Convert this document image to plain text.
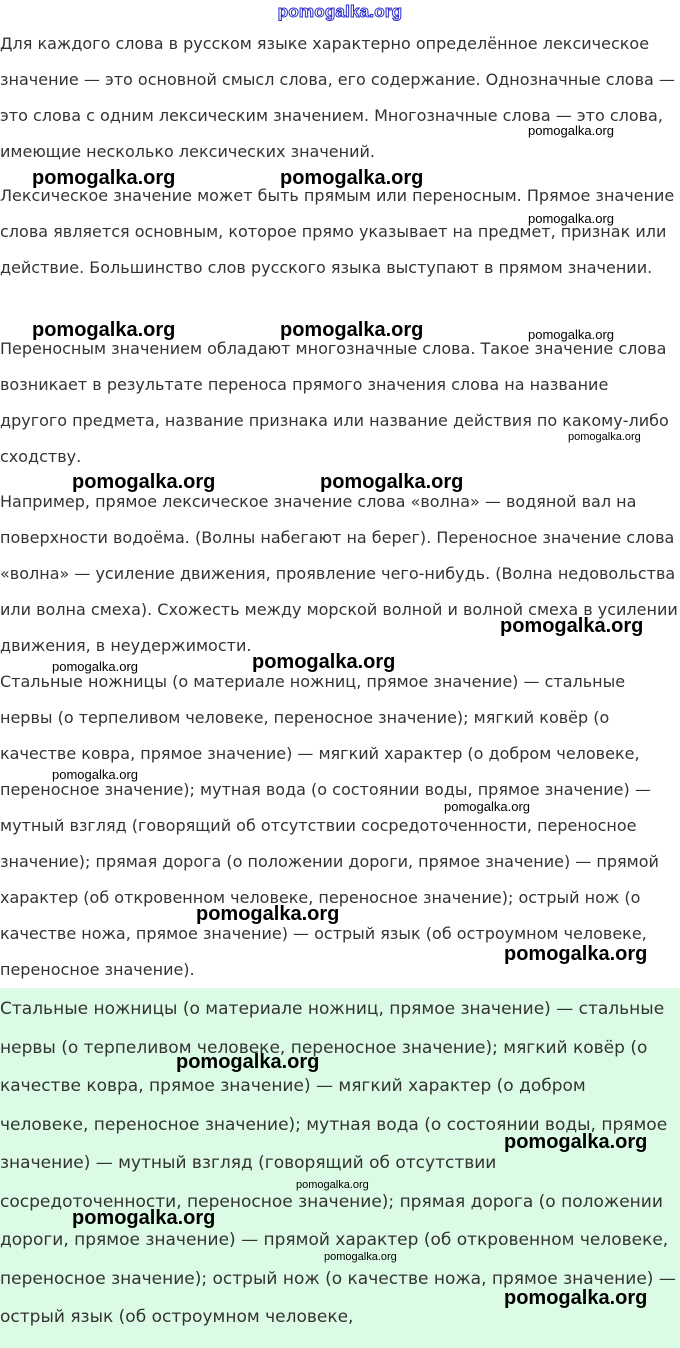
pomogalka.org

Для каждого слова в русском языке характерно определённое лексическое значение — это основной смысл слова, его содержание. Однозначные слова — это слова с одним лексическим значением. Многозначные слова — это слова, имеющие несколько лексических значений.

Лексическое значение может быть прямым или переносным. Прямое значение слова является основным, которое прямо указывает на предмет, признак или действие. Большинство слов русского языка выступают в прямом значении.

Переносным значением обладают многозначные слова. Такое значение слова возникает в результате переноса прямого значения слова на название другого предмета, название признака или название действия по какому-либо сходству.

Например, прямое лексическое значение слова «волна» — водяной вал на поверхности водоёма. (Волны набегают на берег). Переносное значение слова «волна» — усиление движения, проявление чего-нибудь. (Волна недовольства или волна смеха). Схожесть между морской волной и волной смеха в усилении движения, в неудержимости.

Стальные ножницы (о материале ножниц, прямое значение) — стальные нервы (о терпеливом человеке, переносное значение); мягкий ковёр (о качестве ковра, прямое значение) — мягкий характер (о добром человеке, переносное значение); мутная вода (о состоянии воды, прямое значение) — мутный взгляд (говорящий об отсутствии сосредоточенности, переносное значение); прямая дорога (о положении дороги, прямое значение) — прямой характер (об откровенном человеке, переносное значение); острый нож (о качестве ножа, прямое значение) — острый язык (об остроумном человеке, переносное значение).

Стальные ножницы (о материале ножниц, прямое значение) — стальные нервы (о терпеливом человеке, переносное значение); мягкий ковёр (о качестве ковра, прямое значение) — мягкий характер (о добром человеке, переносное значение); мутная вода (о состоянии воды, прямое значение) — мутный взгляд (говорящий об отсутствии сосредоточенности, переносное значение); прямая дорога (о положении дороги, прямое значение) — прямой характер (об откровенном человеке, переносное значение); острый нож (о качестве ножа, прямое значение) — острый язык (об остроумном человеке,

pomogalka.org
pomogalka.org	pomogalka.org
pomogalka.org
pomogalka.org	pomogalka.org	pomogalka.org
pomogalka.org
pomogalka.org	pomogalka.org
pomogalka.org
pomogalka.org
pomogalka.org
pomogalka.org
pomogalka.org
pomogalka.org
pomogalka.org
pomogalka.org
pomogalka.org
pomogalka.org
pomogalka.org
pomogalka.org
pomogalka.org
